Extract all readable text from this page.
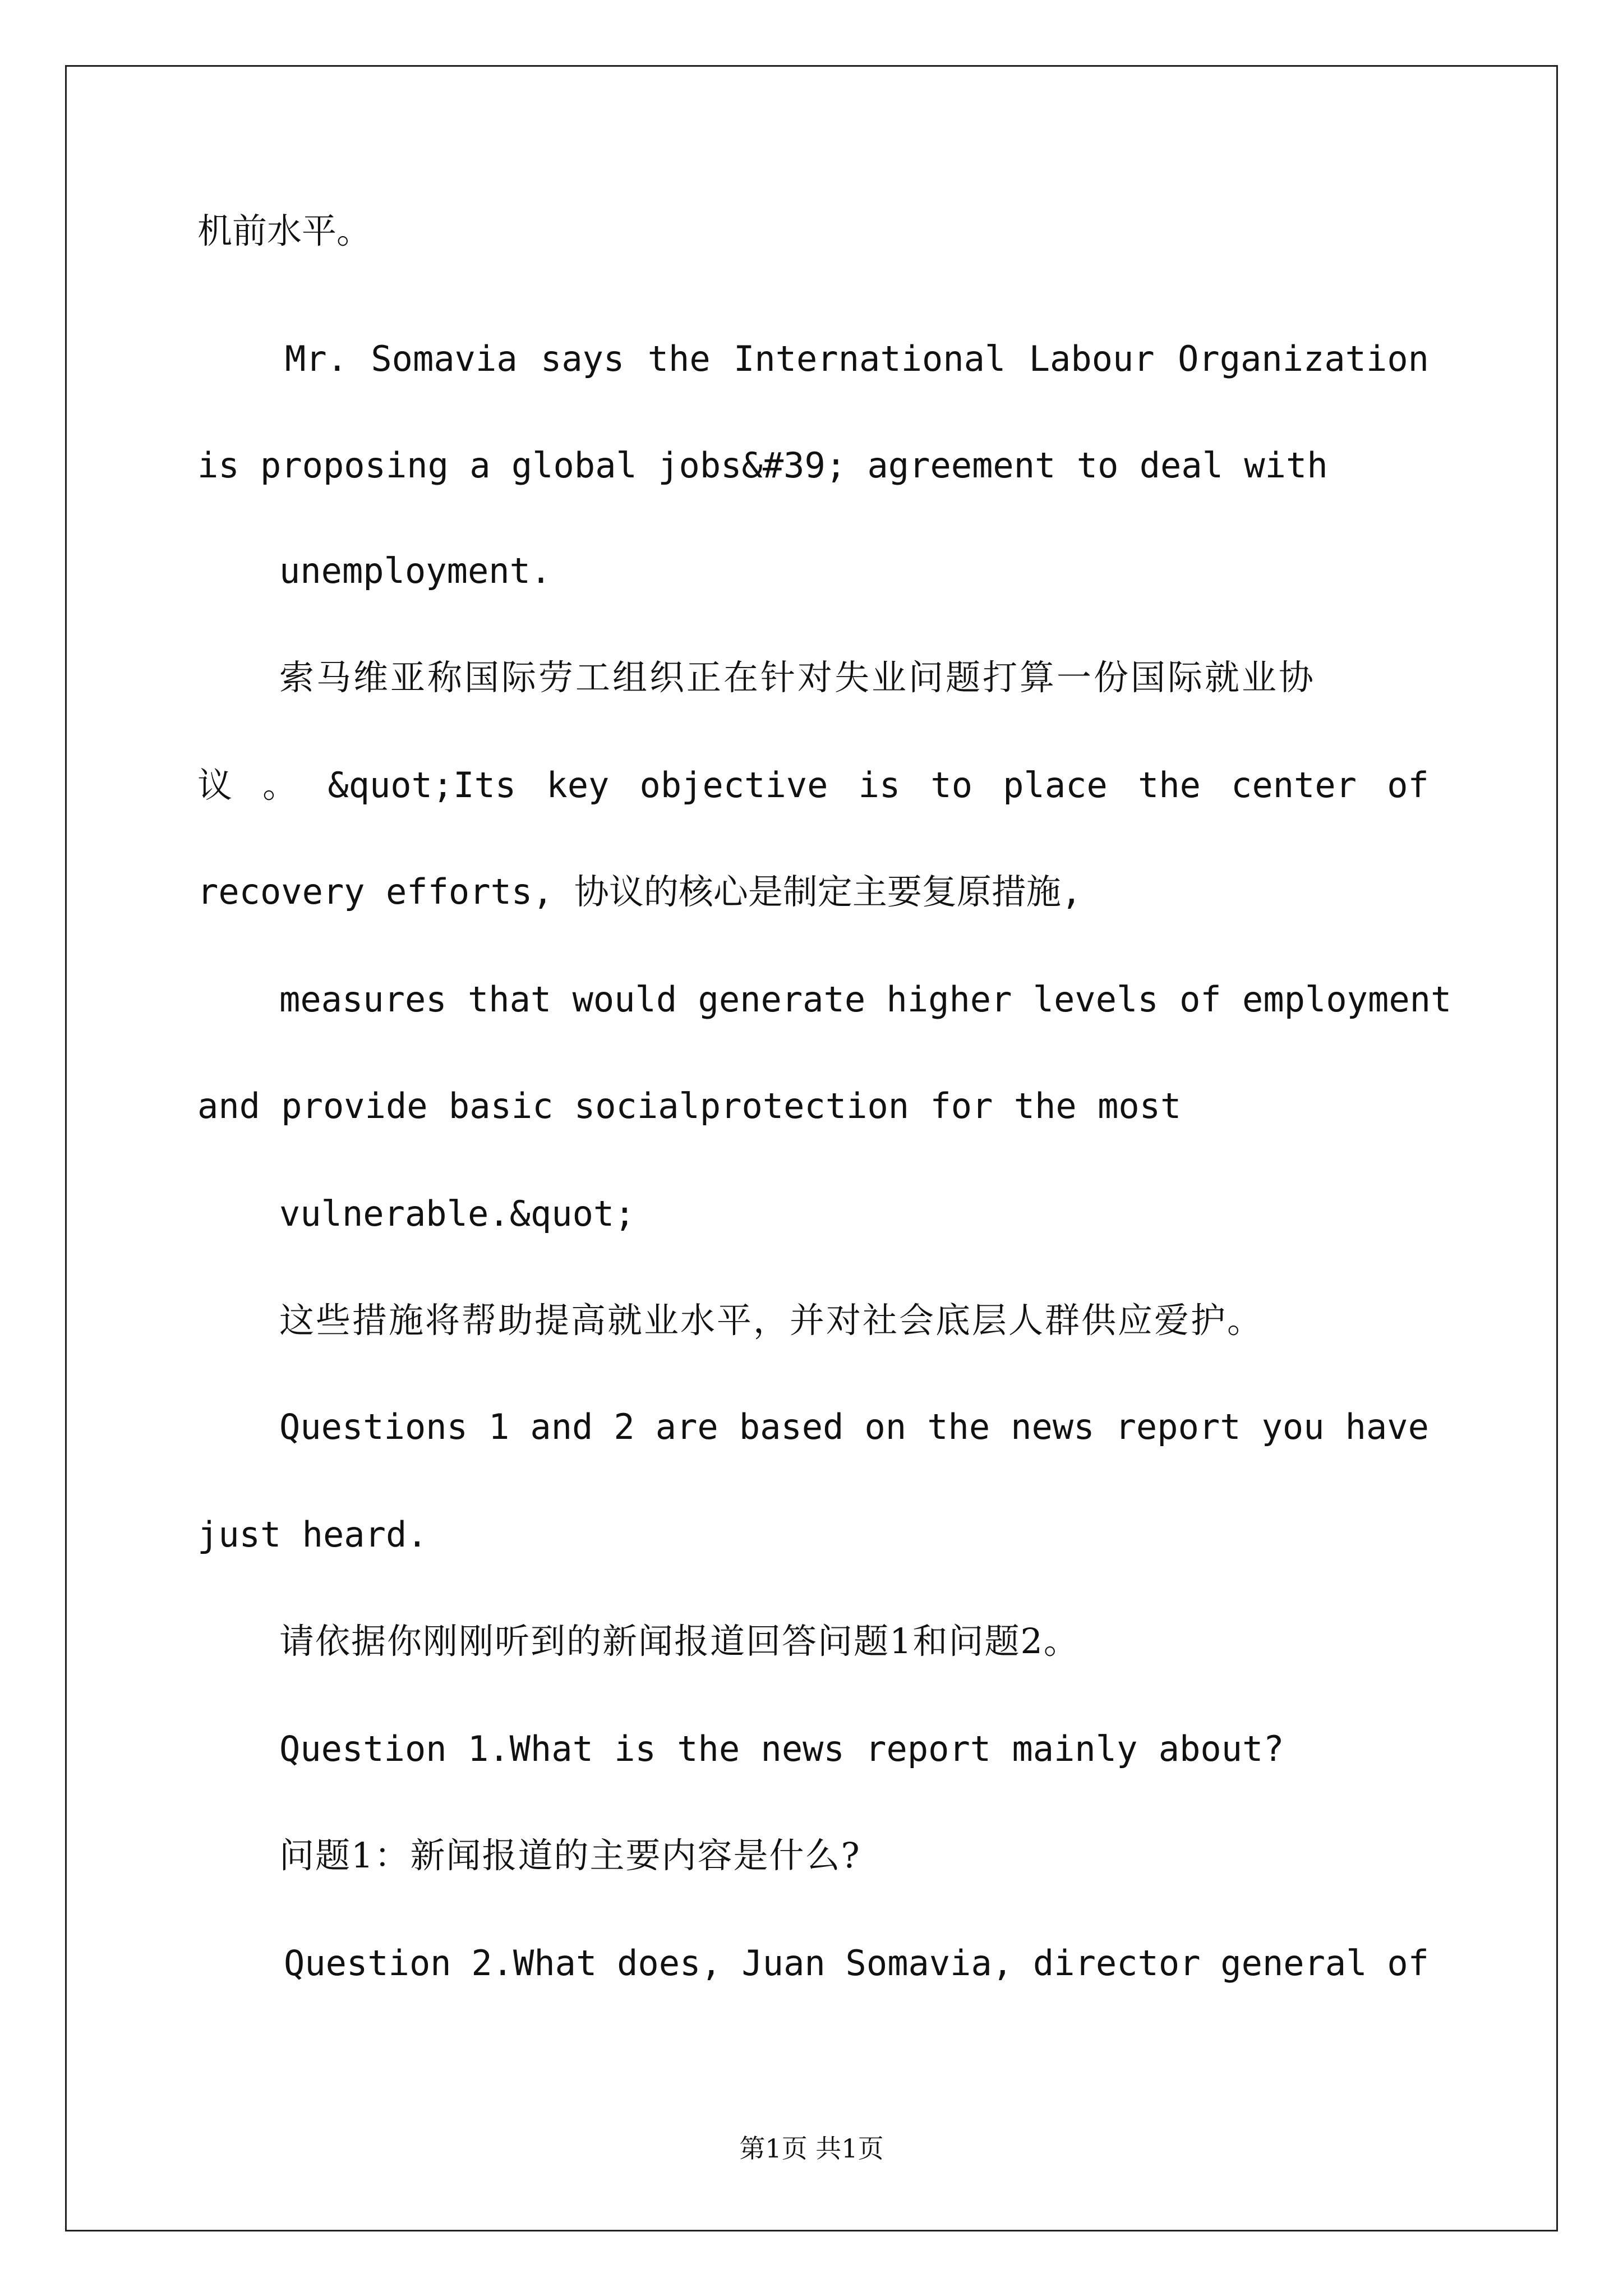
机前水平。
Mr. Somavia says the International Labour Organization
is proposing a global jobs&#39; agreement to deal with
unemployment.
索马维亚称国际劳工组织正在针对失业问题打算一份国际就业协
议 。 &quot;Its key objective is to place the center of
recovery efforts, 协议的核心是制定主要复原措施,
measures that would generate higher levels of employment
and provide basic socialprotection for the most
vulnerable.&quot;
这些措施将帮助提高就业水平，并对社会底层人群供应爱护。
Questions 1 and 2 are based on the news report you have
just heard.
请依据你刚刚听到的新闻报道回答问题1和问题2。
Question 1.What is the news report mainly about?
问题1：新闻报道的主要内容是什么?
Question 2.What does, Juan Somavia, director general of
第1页 共1页
